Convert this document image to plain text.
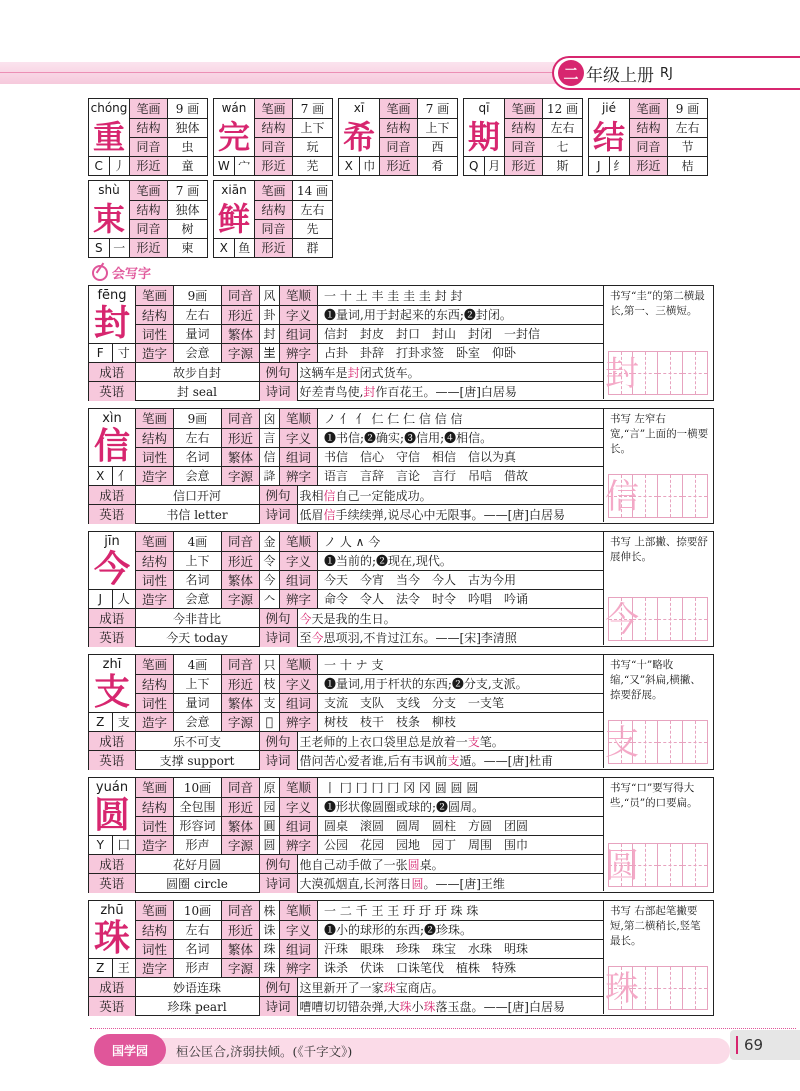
二 年级上册 RJ
chóng
重
C 丿
笔画	9 画
结构	独体
同音	虫
形近	童
wán
完
W 宀
笔画	7 画
结构	上下
同音	玩
形近	芜
xī
希
X 巾
笔画	7 画
结构	上下
同音	西
形近	肴
qī
期
Q 月
笔画	12 画
结构	左右
同音	七
形近	斯
jié
结
J	纟
笔画	9 画
结构	左右
同音	节
形近	桔
shù
束
S 一
笔画	7 画
结构	独体
同音	树
形近	柬
xiān
鲜
X 鱼
笔画	14 画
结构	左右
同音	先
形近	群
会写字
fēng
封
F	寸
笔画	9画	同音	风	笔顺	一 十 土 丰 圭 圭 圭 封 封
结构	左右	形近	卦	字义	❶量词,用于封起来的东西;❷封闭。
词性	量词	繁体	封	组词	信封　封皮　封口　封山　封闭　一封信
造字	会意	字源	𡉚	辨字	占卦　卦辞　打卦求签　卧室　仰卧
成语	故步自封	例句	这辆车是封闭式货车。
英语	封 seal	诗词	好差青鸟使,封作百花王。——[唐]白居易
书写“圭”的第二横最长,第一、三横短。
封
xìn
信
X	亻
笔画	9画	同音	囟	笔顺	ノ 亻 亻 仁 仁 仁 信 信 信
结构	左右	形近	言	字义	❶书信;❷确实;❸信用;❹相信。
词性	名词	繁体	信	组词	书信　信心　守信　相信　信以为真
造字	会意	字源	𧧭	辨字	语言　言辞　言论　言行　吊唁　借故
成语	信口开河	例句	我相信自己一定能成功。
英语	书信 letter	诗词	低眉信手续续弹,说尽心中无限事。——[唐]白居易
书写 左窄右宽,“言”上面的一横要长。
信
jīn
今
J	人
笔画	4画	同音	金	笔顺	ノ 人 ∧ 今
结构	上下	形近	令	字义	❶当前的;❷现在,现代。
词性	名词	繁体	今	组词	今天　今宵　当今　今人　古为今用
造字	会意	字源	𠆢	辨字	命令　令人　法令　时令　吟唱　吟诵
成语	今非昔比	例句	今天是我的生日。
英语	今天 today	诗词	至今思项羽,不肯过江东。——[宋]李清照
书写 上部撇、捺要舒展伸长。
今
zhī
支
Z	支
笔画	4画	同音	只	笔顺	一 十 ナ 支
结构	上下	形近	枝	字义	❶量词,用于杆状的东西;❷分支,支派。
词性	量词	繁体	支	组词	支流　支队　支线　分支　一支笔
造字	会意	字源	𡙧	辨字	树枝　枝干　枝条　柳枝
成语	乐不可支	例句	王老师的上衣口袋里总是放着一支笔。
英语	支撑 support	诗词	借问苦心爱者谁,后有韦讽前支遁。——[唐]杜甫
书写“十”略收缩,“又”斜扁,横撇、捺要舒展。
支
yuán
圆
Y	囗
笔画	10画	同音	原	笔顺	丨 冂 冂 冂 冂 冈 冈 圆 圆 圆
结构	全包围	形近	园	字义	❶形状像圆圈或球的;❷圆周。
词性	形容词	繁体	圓	组词	圆桌　滚圆　圆周　圆柱　方圆　团圆
造字	形声	字源	圆	辨字	公园　花园　园地　园丁　周围　围巾
成语	花好月圆	例句	他自己动手做了一张圆桌。
英语	圆圈 circle	诗词	大漠孤烟直,长河落日圆。——[唐]王维
书写“口”要写得大些,“员”的口要扁。
圆
zhū
珠
Z	王
笔画	10画	同音	株	笔顺	一 二 千 王 王 玗 玗 玗 珠 珠
结构	左右	形近	诛	字义	❶小的球形的东西;❷珍珠。
词性	名词	繁体	珠	组词	汗珠　眼珠　珍珠　珠宝　水珠　明珠
造字	形声	字源	珠	辨字	诛杀　伏诛　口诛笔伐　植株　特殊
成语	妙语连珠	例句	这里新开了一家珠宝商店。
英语	珍珠 pearl	诗词	嘈嘈切切错杂弹,大珠小珠落玉盘。——[唐]白居易
书写 右部起笔撇要短,第二横稍长,竖笔最长。
珠
国学园	桓公匡合,济弱扶倾。(《千字文》)	69
